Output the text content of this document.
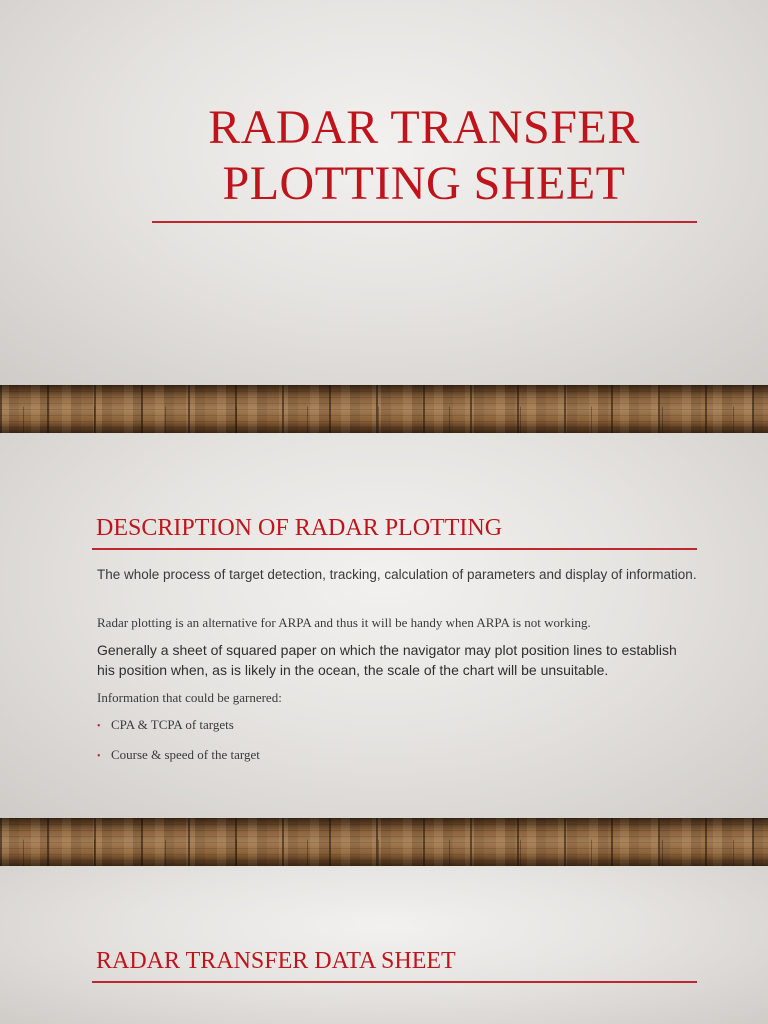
RADAR TRANSFER
PLOTTING SHEET
DESCRIPTION OF RADAR PLOTTING

The whole process of target detection, tracking, calculation of parameters and display of information.

Radar plotting is an alternative for ARPA and thus it will be handy when ARPA is not working.

Generally a sheet of squared paper on which the navigator may plot position lines to establish his position when, as is likely in the ocean, the scale of the chart will be unsuitable.

Information that could be garnered:

• CPA & TCPA of targets
• Course & speed of the target
RADAR TRANSFER DATA SHEET
